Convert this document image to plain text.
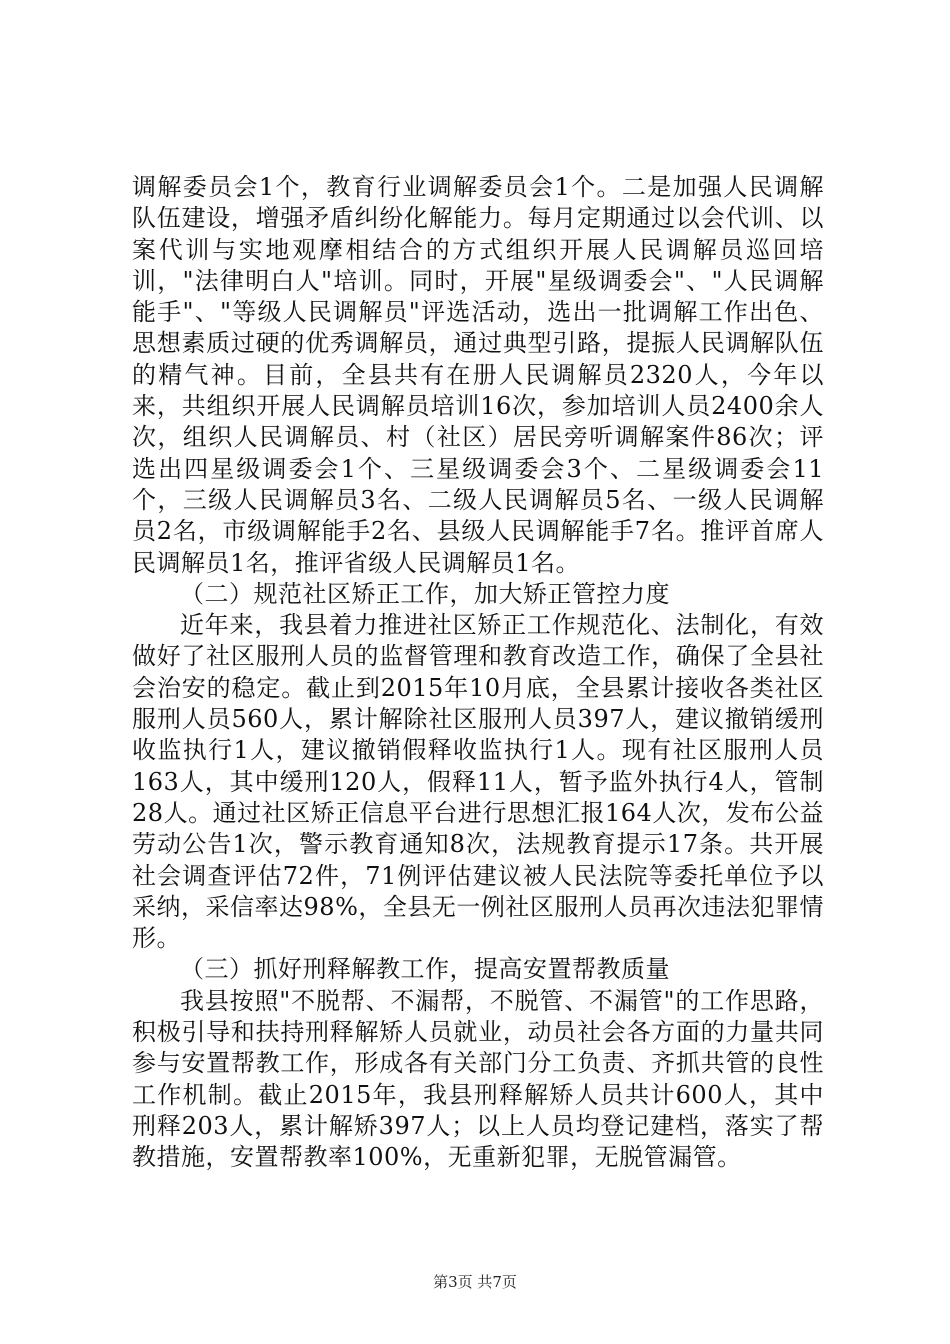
调解委员会1个，教育行业调解委员会1个。二是加强人民调解队伍建设，增强矛盾纠纷化解能力。每月定期通过以会代训、以案代训与实地观摩相结合的方式组织开展人民调解员巡回培训，"法律明白人"培训。同时，开展"星级调委会"、"人民调解能手"、"等级人民调解员"评选活动，选出一批调解工作出色、思想素质过硬的优秀调解员，通过典型引路，提振人民调解队伍的精气神。目前，全县共有在册人民调解员2320人，今年以来，共组织开展人民调解员培训16次，参加培训人员2400余人次，组织人民调解员、村（社区）居民旁听调解案件86次；评选出四星级调委会1个、三星级调委会3个、二星级调委会11个，三级人民调解员3名、二级人民调解员5名、一级人民调解员2名，市级调解能手2名、县级人民调解能手7名。推评首席人民调解员1名，推评省级人民调解员1名。

（二）规范社区矫正工作，加大矫正管控力度

近年来，我县着力推进社区矫正工作规范化、法制化，有效做好了社区服刑人员的监督管理和教育改造工作，确保了全县社会治安的稳定。截止到2015年10月底，全县累计接收各类社区服刑人员560人，累计解除社区服刑人员397人，建议撤销缓刑收监执行1人，建议撤销假释收监执行1人。现有社区服刑人员163人，其中缓刑120人，假释11人，暂予监外执行4人，管制28人。通过社区矫正信息平台进行思想汇报164人次，发布公益劳动公告1次，警示教育通知8次，法规教育提示17条。共开展社会调查评估72件，71例评估建议被人民法院等委托单位予以采纳，采信率达98%，全县无一例社区服刑人员再次违法犯罪情形。

（三）抓好刑释解教工作，提高安置帮教质量

我县按照"不脱帮、不漏帮，不脱管、不漏管"的工作思路，积极引导和扶持刑释解矫人员就业，动员社会各方面的力量共同参与安置帮教工作，形成各有关部门分工负责、齐抓共管的良性工作机制。截止2015年，我县刑释解矫人员共计600人，其中刑释203人，累计解矫397人；以上人员均登记建档，落实了帮教措施，安置帮教率100%，无重新犯罪，无脱管漏管。

第3页 共7页
